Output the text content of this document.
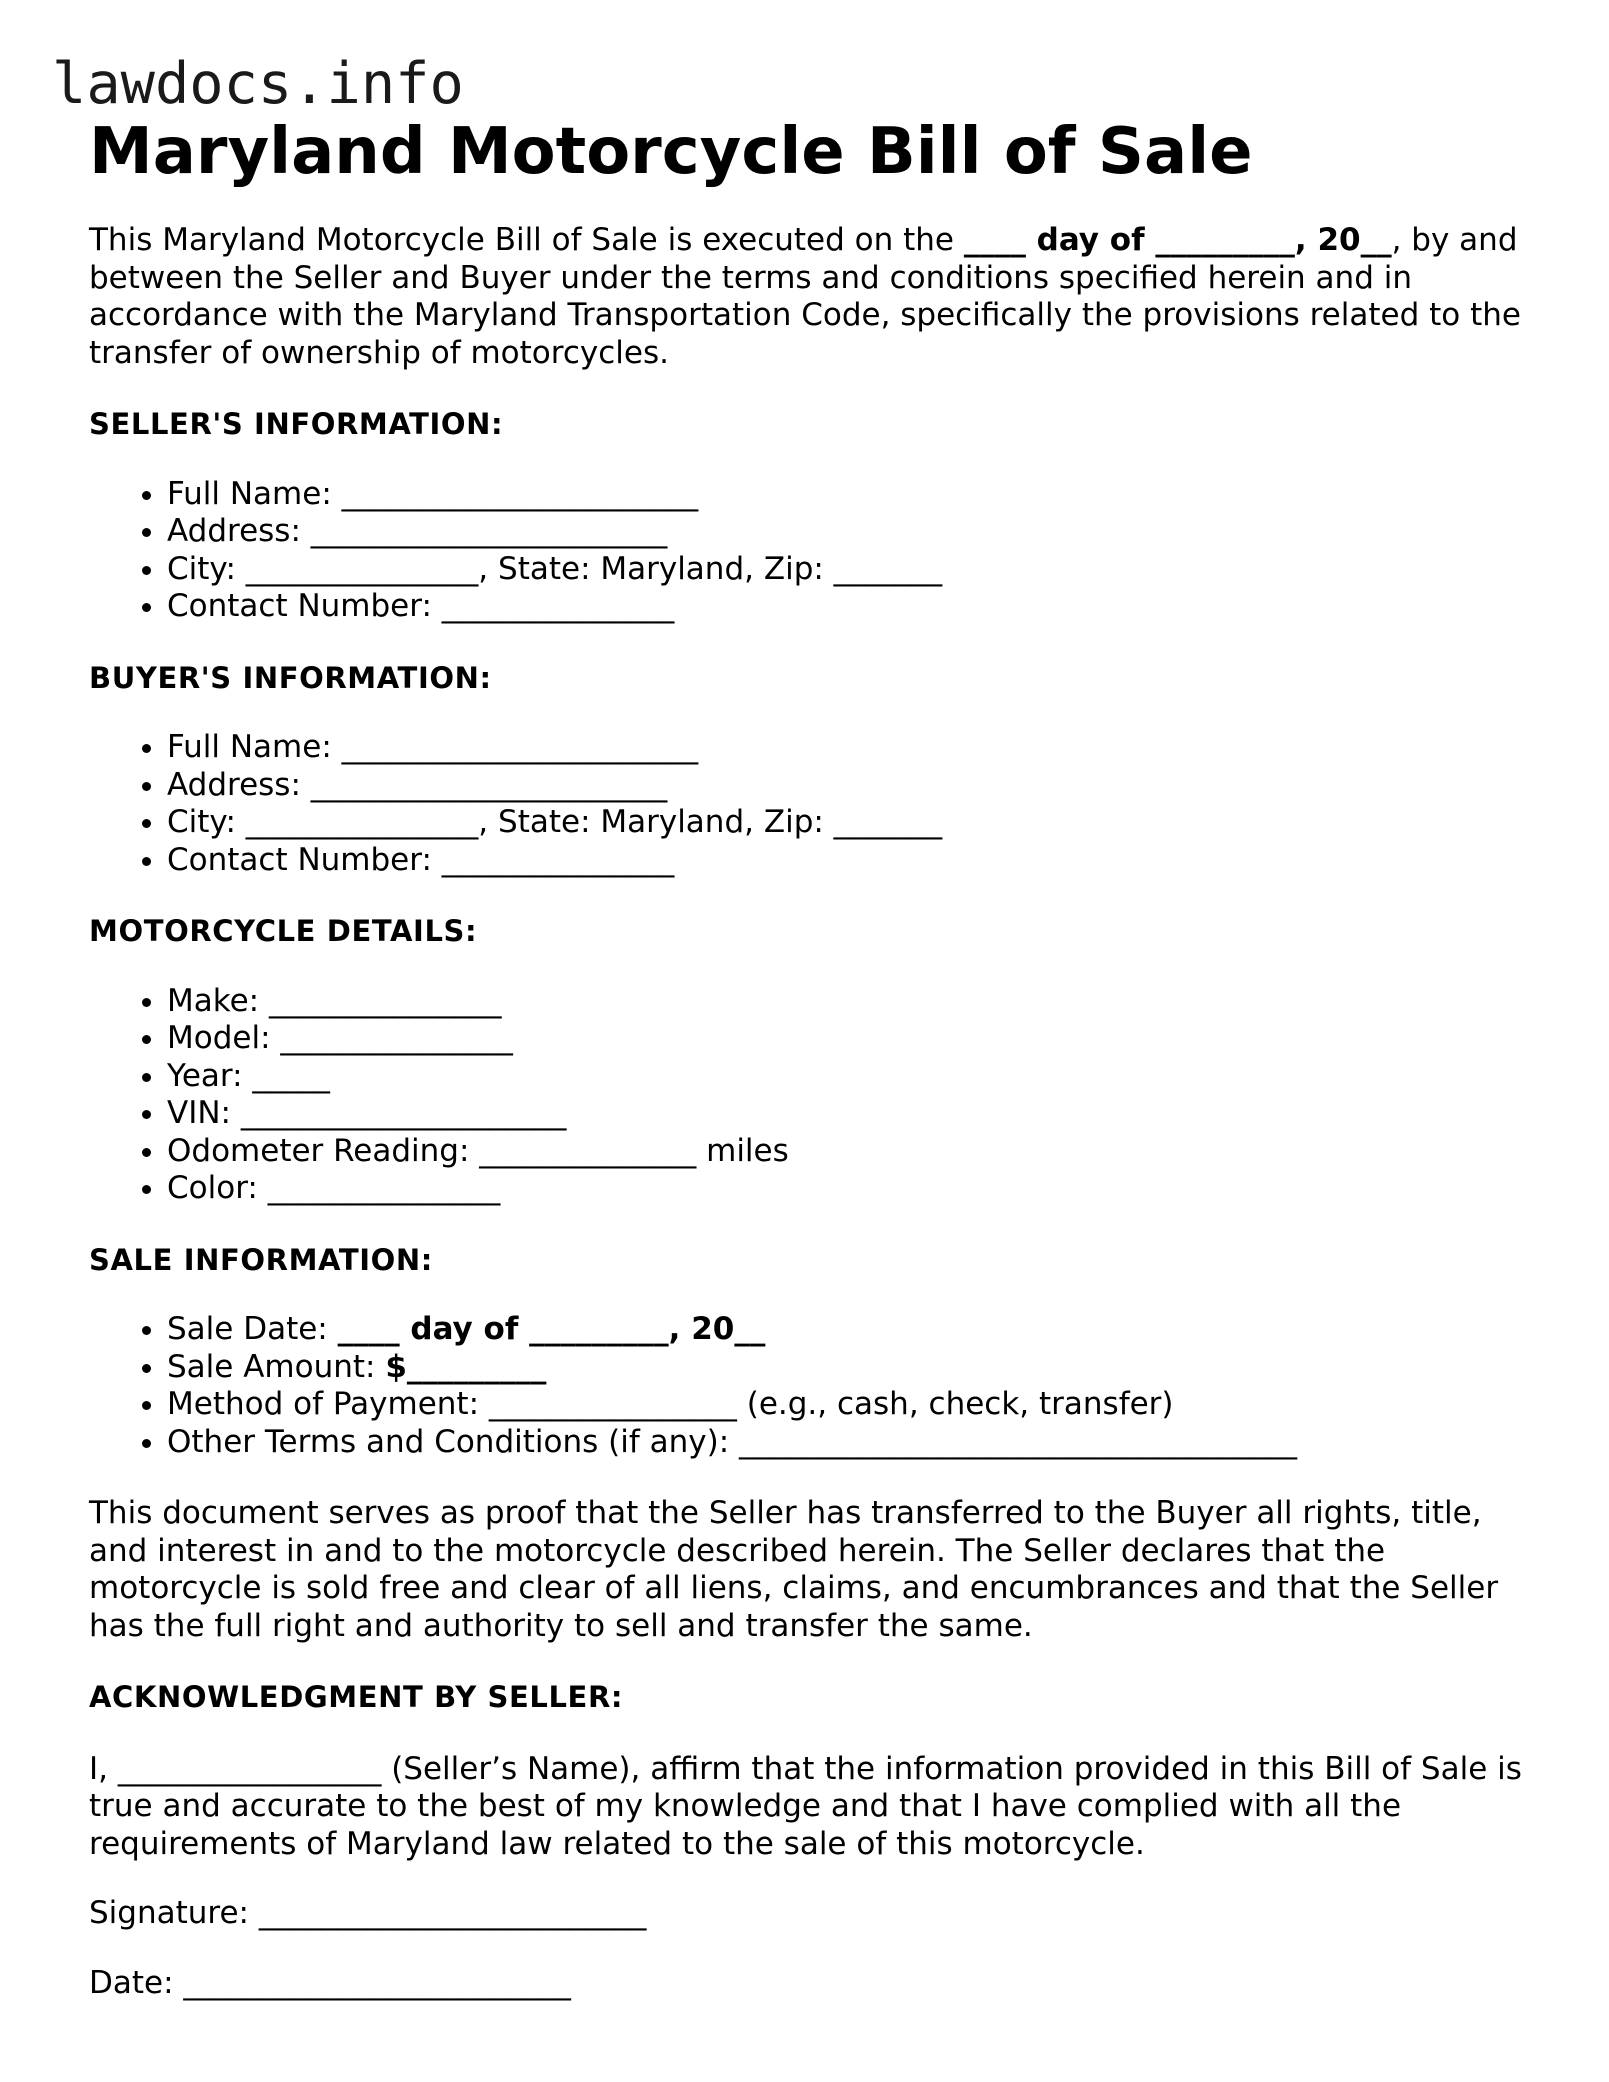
lawdocs.info
Maryland Motorcycle Bill of Sale

This Maryland Motorcycle Bill of Sale is executed on the ____ day of _________, 20__, by and between the Seller and Buyer under the terms and conditions specified herein and in accordance with the Maryland Transportation Code, specifically the provisions related to the transfer of ownership of motorcycles.

SELLER'S INFORMATION:
• Full Name: _______________________
• Address: _______________________
• City: _______________, State: Maryland, Zip: _______
• Contact Number: _______________
BUYER'S INFORMATION:
• Full Name: _______________________
• Address: _______________________
• City: _______________, State: Maryland, Zip: _______
• Contact Number: _______________
MOTORCYCLE DETAILS:
• Make: _______________
• Model: _______________
• Year: _____
• VIN: _____________________
• Odometer Reading: ______________ miles
• Color: _______________
SALE INFORMATION:
• Sale Date: ____ day of _________, 20__
• Sale Amount: $_________
• Method of Payment: ________________ (e.g., cash, check, transfer)
• Other Terms and Conditions (if any): ____________________________________

This document serves as proof that the Seller has transferred to the Buyer all rights, title, and interest in and to the motorcycle described herein. The Seller declares that the motorcycle is sold free and clear of all liens, claims, and encumbrances and that the Seller has the full right and authority to sell and transfer the same.

ACKNOWLEDGMENT BY SELLER:

I, _________________ (Seller’s Name), affirm that the information provided in this Bill of Sale is true and accurate to the best of my knowledge and that I have complied with all the requirements of Maryland law related to the sale of this motorcycle.

Signature: _________________________

Date: _________________________
